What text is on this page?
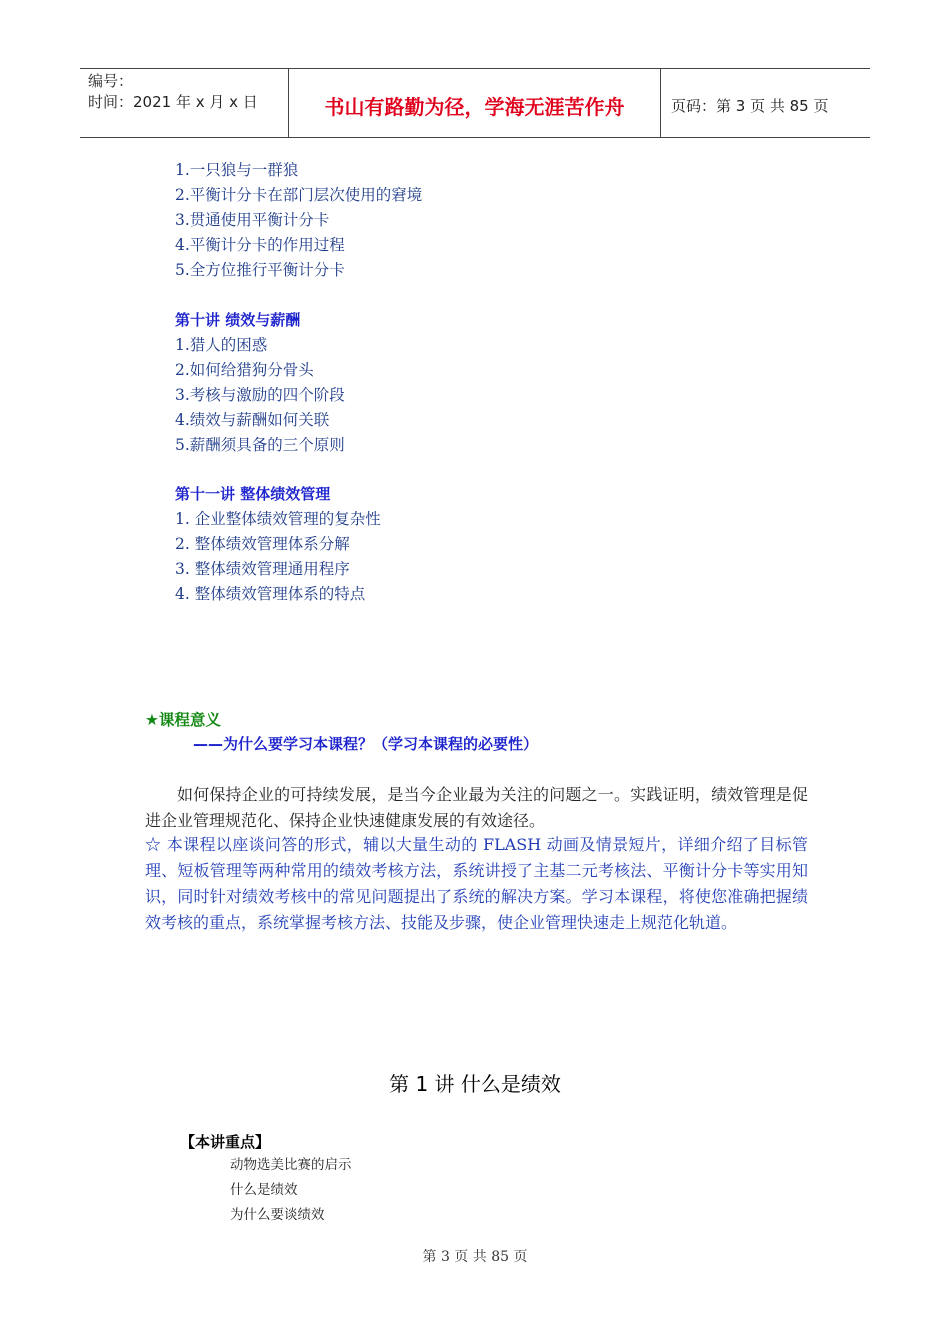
编号：
时间：2021 年 x 月 x 日	书山有路勤为径，学海无涯苦作舟	页码：第 3 页 共 85 页
1.一只狼与一群狼
2.平衡计分卡在部门层次使用的窘境
3.贯通使用平衡计分卡
4.平衡计分卡的作用过程
5.全方位推行平衡计分卡
第十讲 绩效与薪酬
1.猎人的困惑
2.如何给猎狗分骨头
3.考核与激励的四个阶段
4.绩效与薪酬如何关联
5.薪酬须具备的三个原则
第十一讲 整体绩效管理
1. 企业整体绩效管理的复杂性
2. 整体绩效管理体系分解
3. 整体绩效管理通用程序
4. 整体绩效管理体系的特点
★课程意义
——为什么要学习本课程？（学习本课程的必要性）
如何保持企业的可持续发展，是当今企业最为关注的问题之一。实践证明，绩效管理是促进企业管理规范化、保持企业快速健康发展的有效途径。
☆ 本课程以座谈问答的形式，辅以大量生动的 FLASH 动画及情景短片，详细介绍了目标管理、短板管理等两种常用的绩效考核方法，系统讲授了主基二元考核法、平衡计分卡等实用知识，同时针对绩效考核中的常见问题提出了系统的解决方案。学习本课程，将使您准确把握绩效考核的重点，系统掌握考核方法、技能及步骤，使企业管理快速走上规范化轨道。
第 1 讲 什么是绩效
【本讲重点】
动物选美比赛的启示
什么是绩效
为什么要谈绩效
第 3 页 共 85 页
